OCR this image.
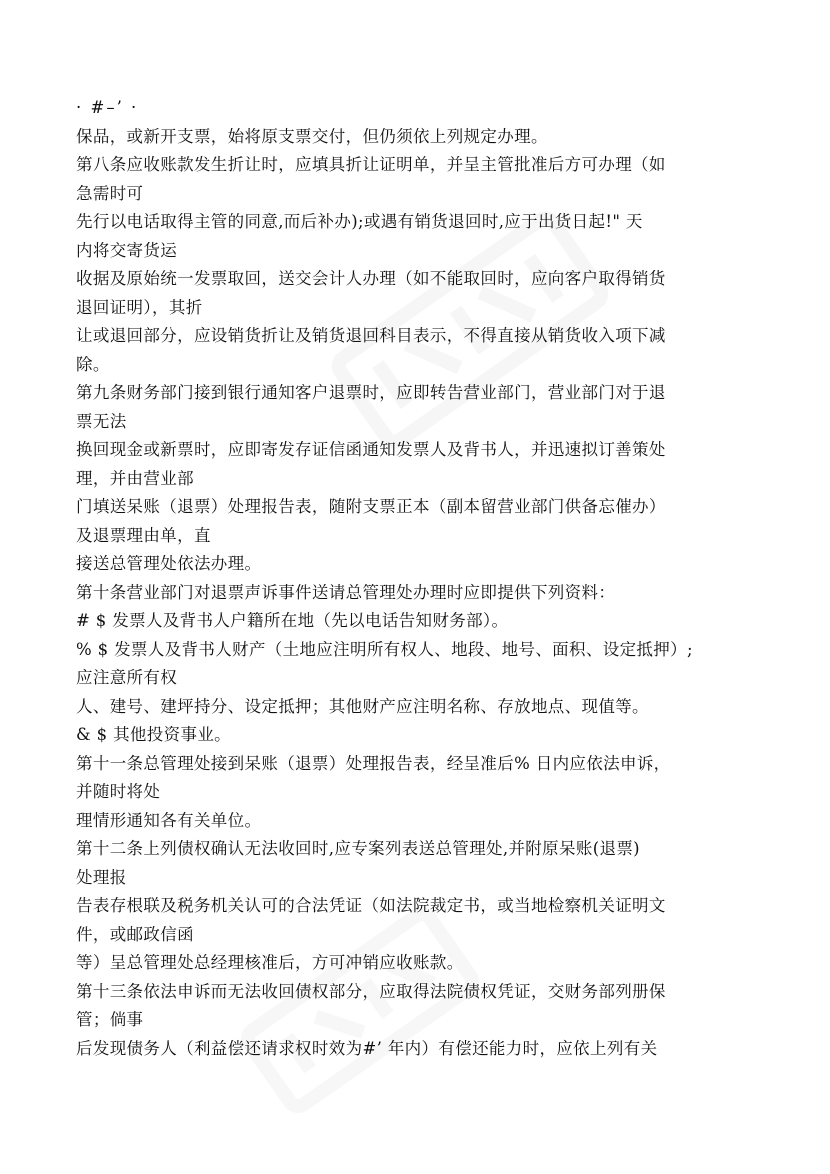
· #–’ ·
保品，或新开支票，始将原支票交付，但仍须依上列规定办理。
第八条应收账款发生折让时，应填具折让证明单，并呈主管批准后方可办理（如
急需时可
先行以电话取得主管的同意,而后补办);或遇有销货退回时,应于出货日起!" 天
内将交寄货运
收据及原始统一发票取回，送交会计人办理（如不能取回时，应向客户取得销货
退回证明），其折
让或退回部分，应设销货折让及销货退回科目表示，不得直接从销货收入项下减
除。
第九条财务部门接到银行通知客户退票时，应即转告营业部门，营业部门对于退
票无法
换回现金或新票时，应即寄发存证信函通知发票人及背书人，并迅速拟订善策处
理，并由营业部
门填送呆账（退票）处理报告表，随附支票正本（副本留营业部门供备忘催办）
及退票理由单，直
接送总管理处依法办理。
第十条营业部门对退票声诉事件送请总管理处办理时应即提供下列资料：
# $ 发票人及背书人户籍所在地（先以电话告知财务部）。
% $ 发票人及背书人财产（土地应注明所有权人、地段、地号、面积、设定抵押）;
应注意所有权
人、建号、建坪持分、设定抵押；其他财产应注明名称、存放地点、现值等。
& $ 其他投资事业。
第十一条总管理处接到呆账（退票）处理报告表，经呈准后% 日内应依法申诉，
并随时将处
理情形通知各有关单位。
第十二条上列债权确认无法收回时,应专案列表送总管理处,并附原呆账(退票)
处理报
告表存根联及税务机关认可的合法凭证（如法院裁定书，或当地检察机关证明文
件，或邮政信函
等）呈总管理处总经理核准后，方可冲销应收账款。
第十三条依法申诉而无法收回债权部分，应取得法院债权凭证，交财务部列册保
管；倘事
后发现债务人（利益偿还请求权时效为#’ 年内）有偿还能力时，应依上列有关
